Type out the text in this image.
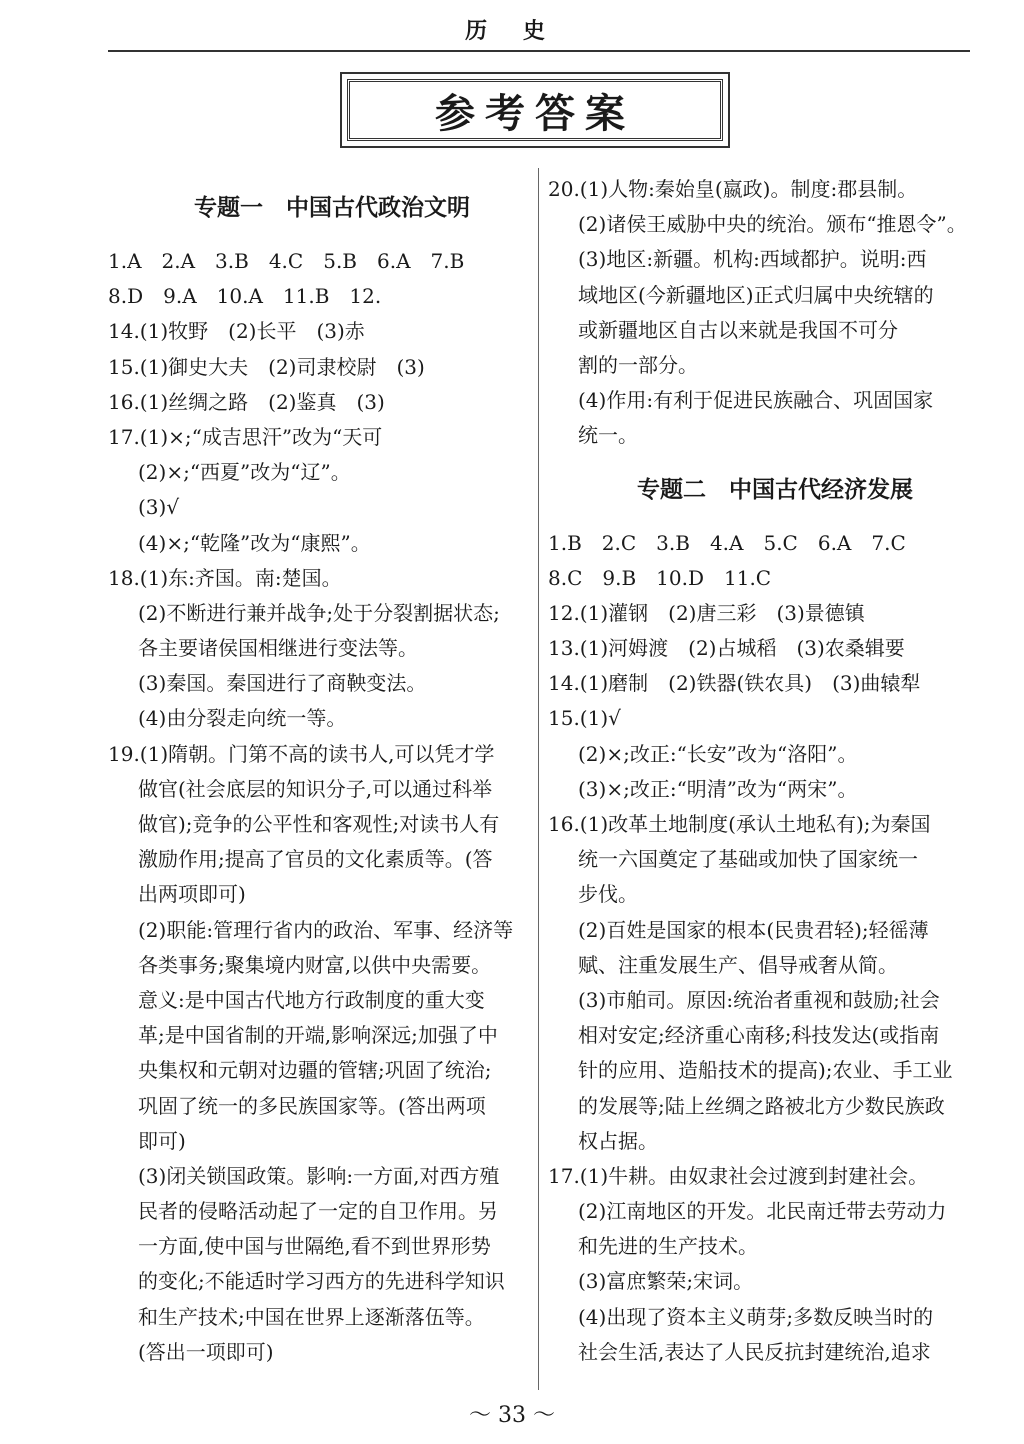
历 史
参考答案
专题一　中国古代政治文明
1.A　2.A　3.B　4.C　5.B　6.A　7.B
8.D　9.A　10.A　11.B　12.
14.(1)牧野　(2)长平　(3)赤
15.(1)御史大夫　(2)司隶校尉　(3)
16.(1)丝绸之路　(2)鉴真　(3)
17.(1)×;“成吉思汗”改为“天可
(2)×;“西夏”改为“辽”。
(3)√
(4)×;“乾隆”改为“康熙”。
18.(1)东:齐国。南:楚国。
(2)不断进行兼并战争;处于分裂割据状态;
各主要诸侯国相继进行变法等。
(3)秦国。秦国进行了商鞅变法。
(4)由分裂走向统一等。
19.(1)隋朝。门第不高的读书人,可以凭才学
做官(社会底层的知识分子,可以通过科举
做官);竞争的公平性和客观性;对读书人有
激励作用;提高了官员的文化素质等。(答
出两项即可)
(2)职能:管理行省内的政治、军事、经济等
各类事务;聚集境内财富,以供中央需要。
意义:是中国古代地方行政制度的重大变
革;是中国省制的开端,影响深远;加强了中
央集权和元朝对边疆的管辖;巩固了统治;
巩固了统一的多民族国家等。(答出两项
即可)
(3)闭关锁国政策。影响:一方面,对西方殖
民者的侵略活动起了一定的自卫作用。另
一方面,使中国与世隔绝,看不到世界形势
的变化;不能适时学习西方的先进科学知识
和生产技术;中国在世界上逐渐落伍等。
(答出一项即可)
20.(1)人物:秦始皇(嬴政)。制度:郡县制。
(2)诸侯王威胁中央的统治。颁布“推恩令”。
(3)地区:新疆。机构:西域都护。说明:西
域地区(今新疆地区)正式归属中央统辖的
或新疆地区自古以来就是我国不可分
割的一部分。
(4)作用:有利于促进民族融合、巩固国家
统一。
专题二　中国古代经济发展
1.B　2.C　3.B　4.A　5.C　6.A　7.C
8.C　9.B　10.D　11.C
12.(1)灌钢　(2)唐三彩　(3)景德镇
13.(1)河姆渡　(2)占城稻　(3)农桑辑要
14.(1)磨制　(2)铁器(铁农具)　(3)曲辕犁
15.(1)√
(2)×;改正:“长安”改为“洛阳”。
(3)×;改正:“明清”改为“两宋”。
16.(1)改革土地制度(承认土地私有);为秦国
统一六国奠定了基础或加快了国家统一
步伐。
(2)百姓是国家的根本(民贵君轻);轻徭薄
赋、注重发展生产、倡导戒奢从简。
(3)市舶司。原因:统治者重视和鼓励;社会
相对安定;经济重心南移;科技发达(或指南
针的应用、造船技术的提高);农业、手工业
的发展等;陆上丝绸之路被北方少数民族政
权占据。
17.(1)牛耕。由奴隶社会过渡到封建社会。
(2)江南地区的开发。北民南迁带去劳动力
和先进的生产技术。
(3)富庶繁荣;宋词。
(4)出现了资本主义萌芽;多数反映当时的
社会生活,表达了人民反抗封建统治,追求
～ 33 ～
